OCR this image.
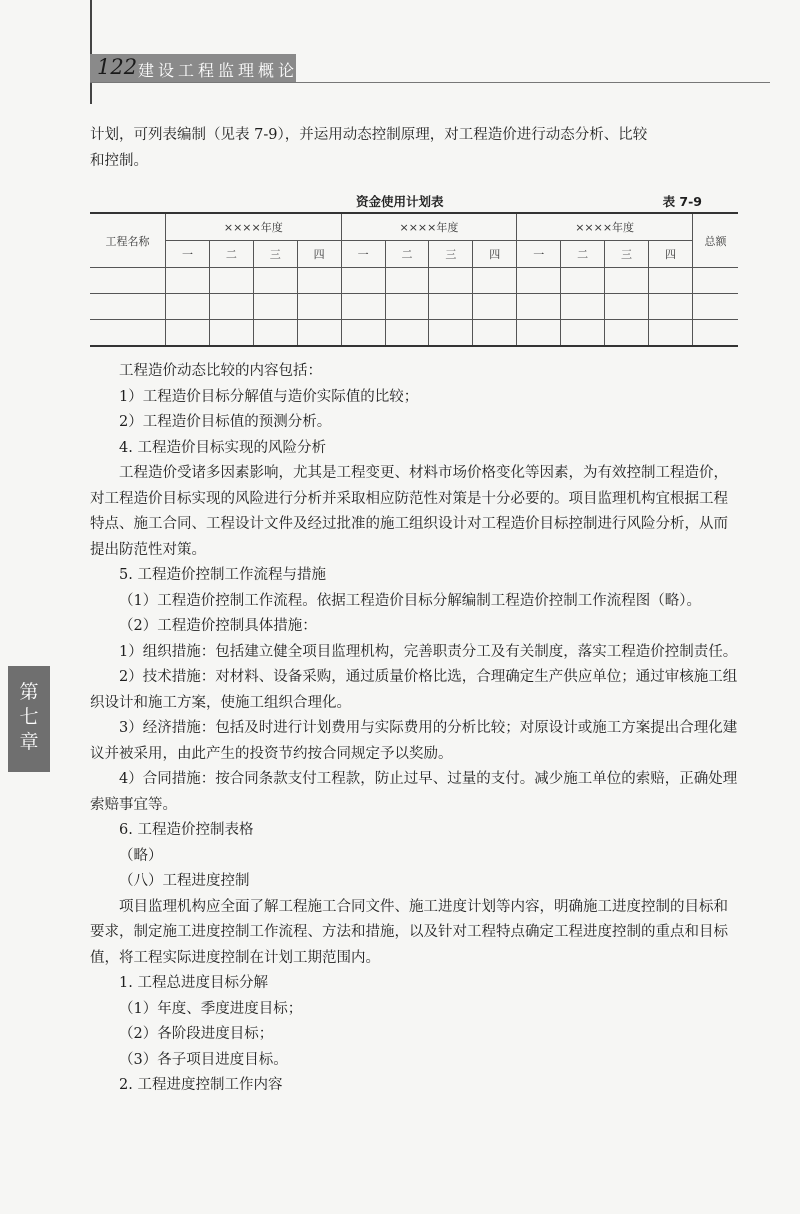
122 建设工程监理概论
计划，可列表编制（见表 7-9），并运用动态控制原理，对工程造价进行动态分析、比较
和控制。
资金使用计划表	表 7-9
工程名称	××××年度				××××年度				××××年度				总额
	一	二	三	四	一	二	三	四	一	二	三	四	

工程造价动态比较的内容包括：

1）工程造价目标分解值与造价实际值的比较；

2）工程造价目标值的预测分析。

4. 工程造价目标实现的风险分析

工程造价受诸多因素影响，尤其是工程变更、材料市场价格变化等因素，为有效控制工程造价，对工程造价目标实现的风险进行分析并采取相应防范性对策是十分必要的。项目监理机构宜根据工程特点、施工合同、工程设计文件及经过批准的施工组织设计对工程造价目标控制进行风险分析，从而提出防范性对策。

5. 工程造价控制工作流程与措施

（1）工程造价控制工作流程。依据工程造价目标分解编制工程造价控制工作流程图（略）。

（2）工程造价控制具体措施：

1）组织措施：包括建立健全项目监理机构，完善职责分工及有关制度，落实工程造价控制责任。

2）技术措施：对材料、设备采购，通过质量价格比选，合理确定生产供应单位；通过审核施工组织设计和施工方案，使施工组织合理化。

3）经济措施：包括及时进行计划费用与实际费用的分析比较；对原设计或施工方案提出合理化建议并被采用，由此产生的投资节约按合同规定予以奖励。

4）合同措施：按合同条款支付工程款，防止过早、过量的支付。减少施工单位的索赔，正确处理索赔事宜等。

6. 工程造价控制表格

（略）

（八）工程进度控制

项目监理机构应全面了解工程施工合同文件、施工进度计划等内容，明确施工进度控制的目标和要求，制定施工进度控制工作流程、方法和措施，以及针对工程特点确定工程进度控制的重点和目标值，将工程实际进度控制在计划工期范围内。

1. 工程总进度目标分解

（1）年度、季度进度目标；

（2）各阶段进度目标；

（3）各子项目进度目标。

2. 工程进度控制工作内容

第
七
章
